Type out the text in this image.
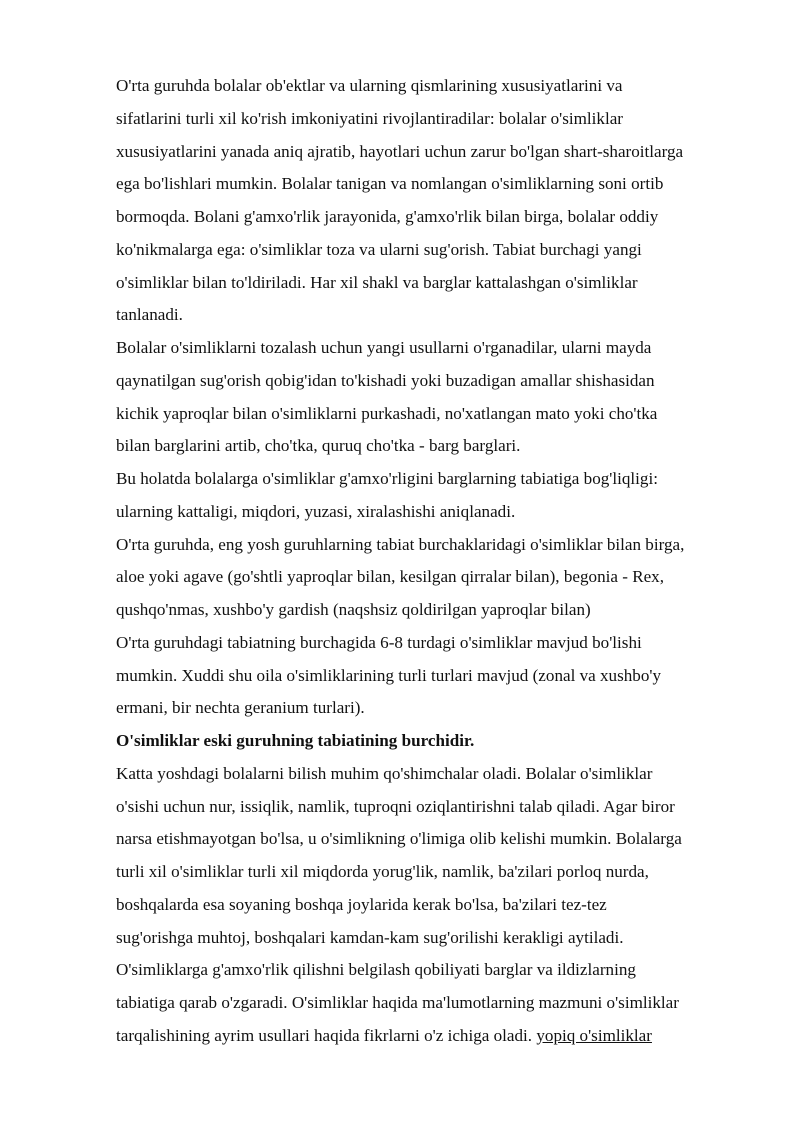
O'rta guruhda bolalar ob'ektlar va ularning qismlarining xususiyatlarini va
sifatlarini turli xil ko'rish imkoniyatini rivojlantiradilar: bolalar o'simliklar
xususiyatlarini yanada aniq ajratib, hayotlari uchun zarur bo'lgan shart-sharoitlarga
ega bo'lishlari mumkin. Bolalar tanigan va nomlangan o'simliklarning soni ortib
bormoqda. Bolani g'amxo'rlik jarayonida, g'amxo'rlik bilan birga, bolalar oddiy
ko'nikmalarga ega: o'simliklar toza va ularni sug'orish. Tabiat burchagi yangi
o'simliklar bilan to'ldiriladi. Har xil shakl va barglar kattalashgan o'simliklar
tanlanadi.
Bolalar o'simliklarni tozalash uchun yangi usullarni o'rganadilar, ularni mayda
qaynatilgan sug'orish qobig'idan to'kishadi yoki buzadigan amallar shishasidan
kichik yaproqlar bilan o'simliklarni purkashadi, no'xatlangan mato yoki cho'tka
bilan barglarini artib, cho'tka, quruq cho'tka - barg barglari.
Bu holatda bolalarga o'simliklar g'amxo'rligini barglarning tabiatiga bog'liqligi:
ularning kattaligi, miqdori, yuzasi, xiralashishi aniqlanadi.
O'rta guruhda, eng yosh guruhlarning tabiat burchaklaridagi o'simliklar bilan birga,
aloe yoki agave (go'shtli yaproqlar bilan, kesilgan qirralar bilan), begonia - Rex,
qushqo'nmas, xushbo'y gardish (naqshsiz qoldirilgan yaproqlar bilan)
O'rta guruhdagi tabiatning burchagida 6-8 turdagi o'simliklar mavjud bo'lishi
mumkin. Xuddi shu oila o'simliklarining turli turlari mavjud (zonal va xushbo'y
ermani, bir nechta geranium turlari).
O'simliklar eski guruhning tabiatining burchidir.
Katta yoshdagi bolalarni bilish muhim qo'shimchalar oladi. Bolalar o'simliklar
o'sishi uchun nur, issiqlik, namlik, tuproqni oziqlantirishni talab qiladi. Agar biror
narsa etishmayotgan bo'lsa, u o'simlikning o'limiga olib kelishi mumkin. Bolalarga
turli xil o'simliklar turli xil miqdorda yorug'lik, namlik, ba'zilari porloq nurda,
boshqalarda esa soyaning boshqa joylarida kerak bo'lsa, ba'zilari tez-tez
sug'orishga muhtoj, boshqalari kamdan-kam sug'orilishi kerakligi aytiladi.
O'simliklarga g'amxo'rlik qilishni belgilash qobiliyati barglar va ildizlarning
tabiatiga qarab o'zgaradi. O'simliklar haqida ma'lumotlarning mazmuni o'simliklar
tarqalishining ayrim usullari haqida fikrlarni o'z ichiga oladi. yopiq o'simliklar
